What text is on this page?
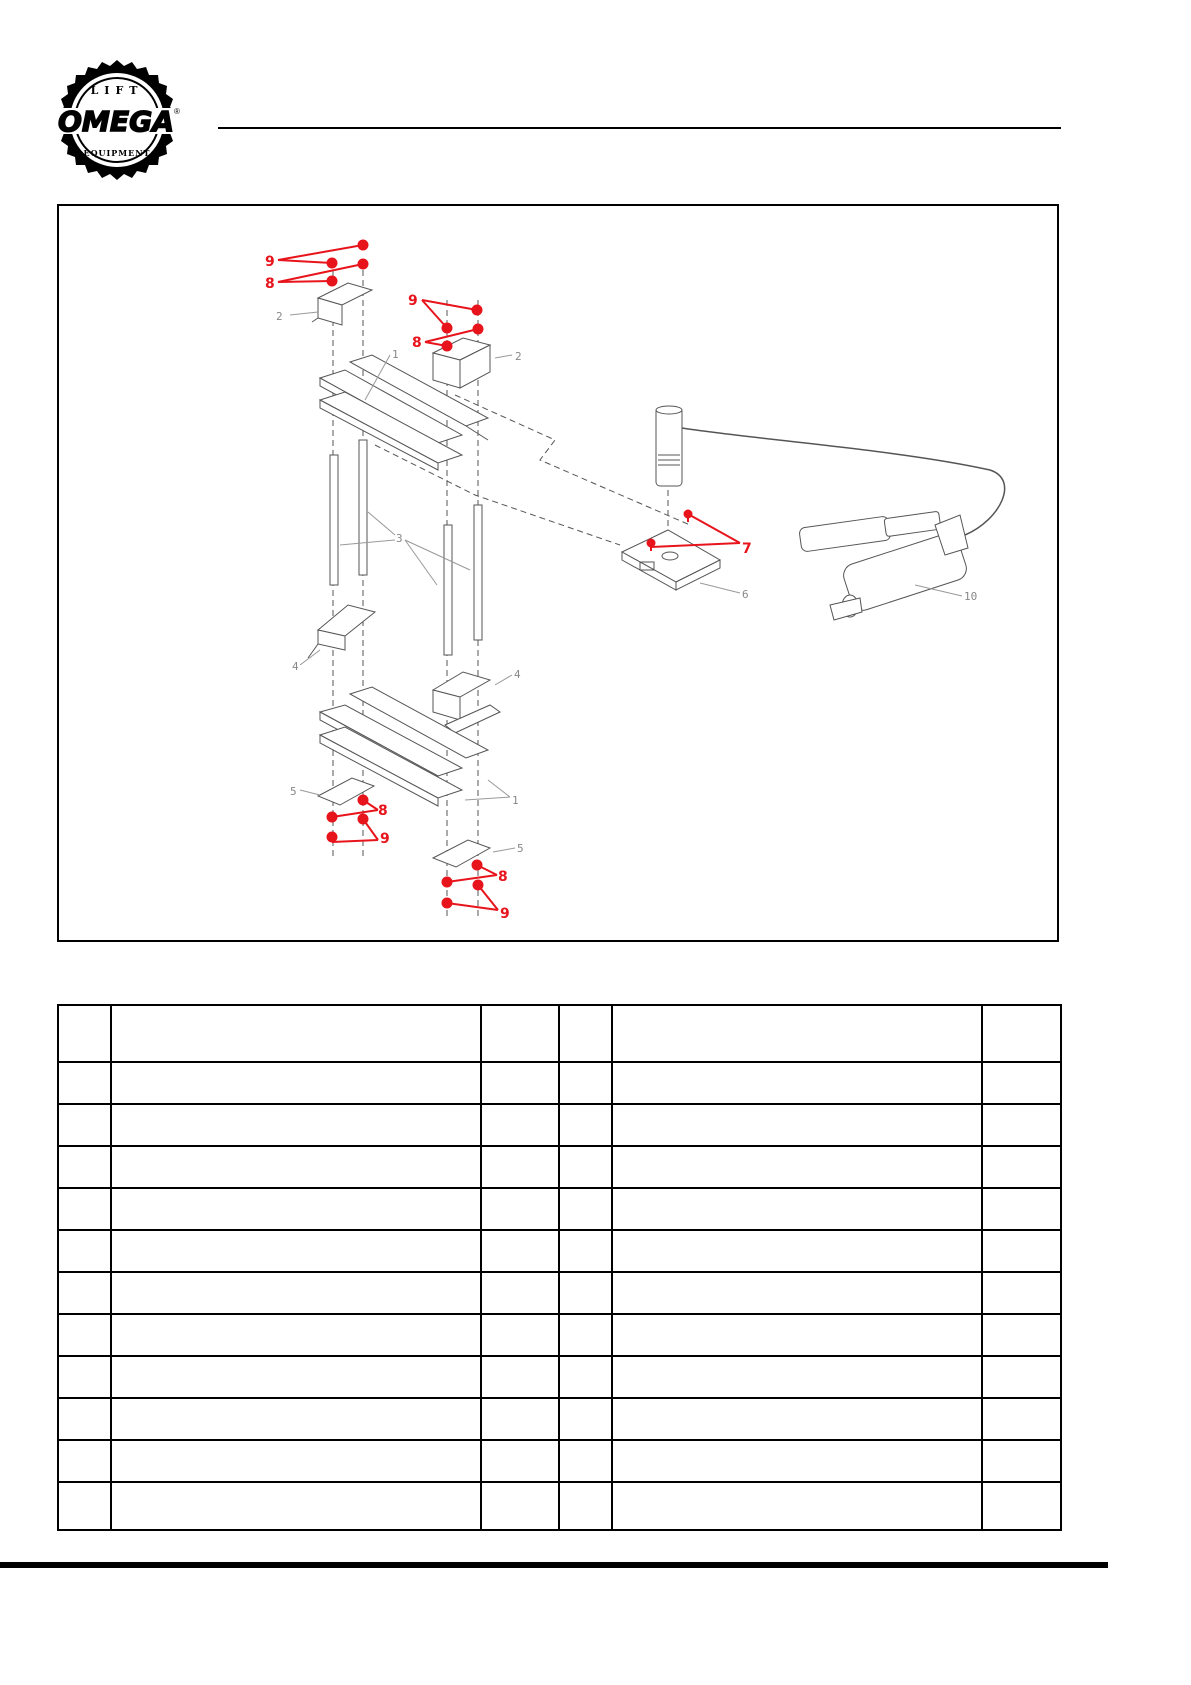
LIFT
OMEGA ®
EQUIPMENT
1
1
2
2
3
4
4
5
5
6	10
9
8
9
8
7
8
9
8
9
